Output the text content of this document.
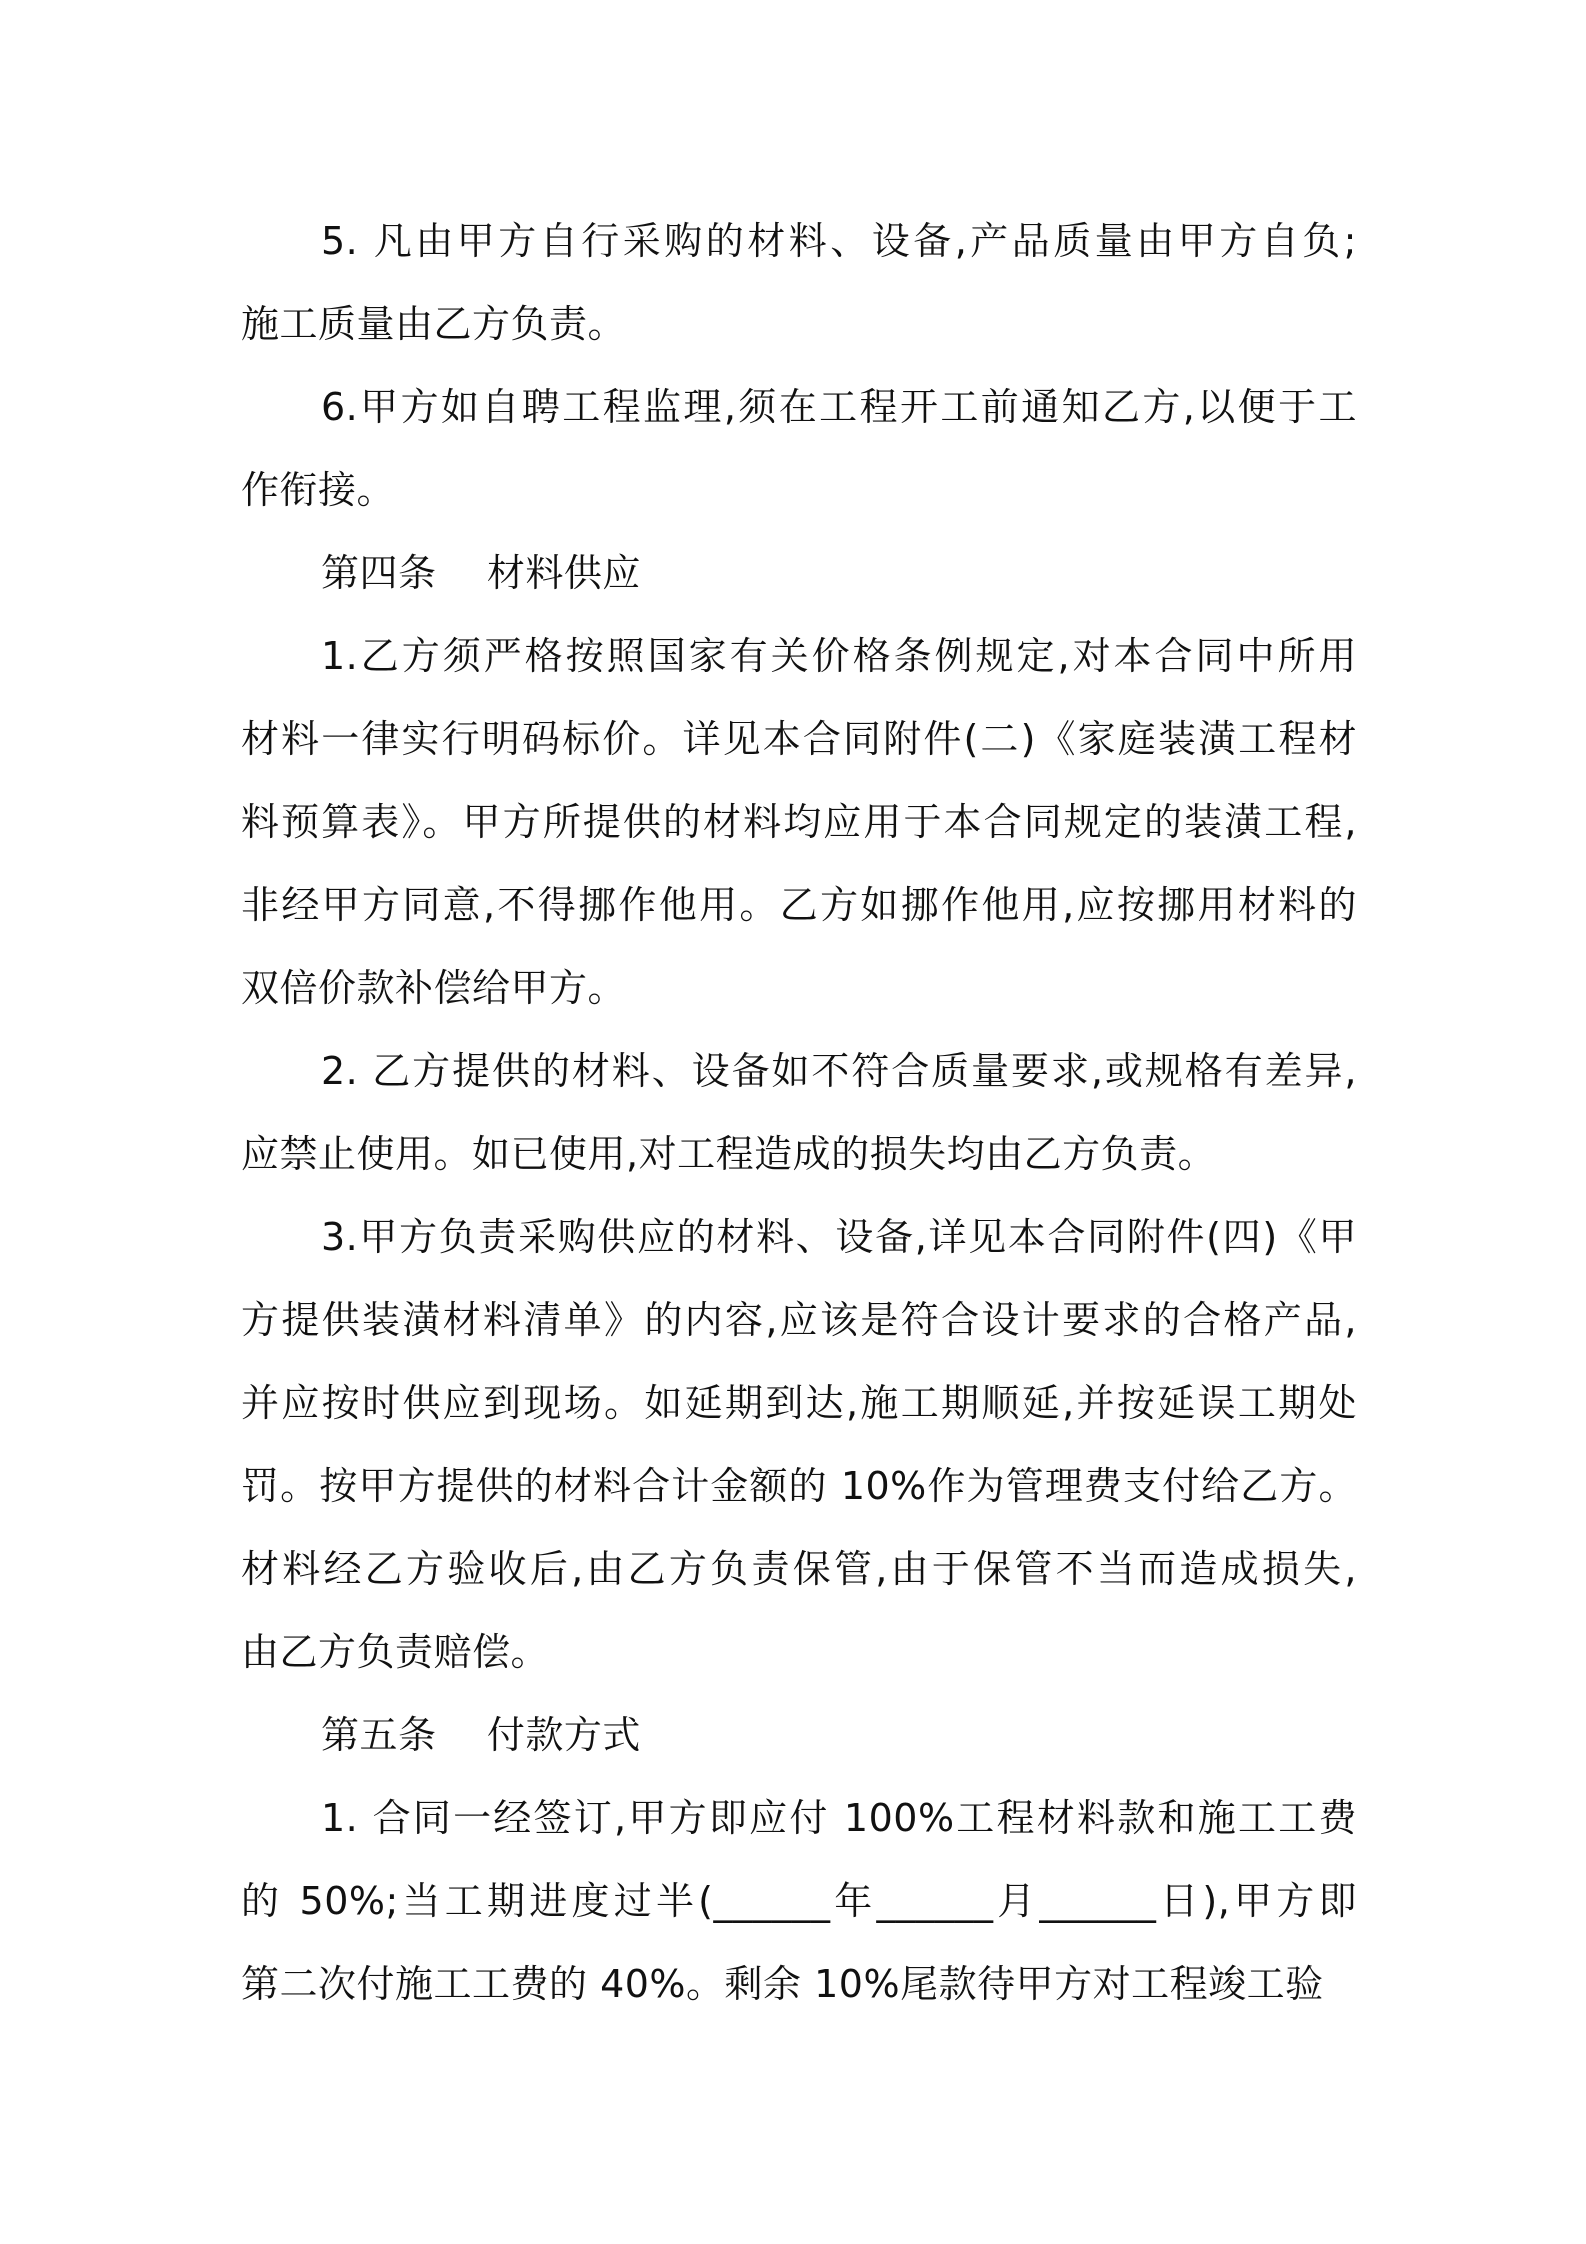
5. 凡由甲方自行采购的材料、设备,产品质量由甲方自负;
施工质量由乙方负责。

6.甲方如自聘工程监理,须在工程开工前通知乙方,以便于工
作衔接。

第四条    材料供应

1.乙方须严格按照国家有关价格条例规定,对本合同中所用
材料一律实行明码标价。详见本合同附件(二)《家庭装潢工程材
料预算表》。甲方所提供的材料均应用于本合同规定的装潢工程,
非经甲方同意,不得挪作他用。乙方如挪作他用,应按挪用材料的
双倍价款补偿给甲方。

2. 乙方提供的材料、设备如不符合质量要求,或规格有差异,
应禁止使用。如已使用,对工程造成的损失均由乙方负责。

3.甲方负责采购供应的材料、设备,详见本合同附件(四)《甲
方提供装潢材料清单》的内容,应该是符合设计要求的合格产品,
并应按时供应到现场。如延期到达,施工期顺延,并按延误工期处
罚。按甲方提供的材料合计金额的 10%作为管理费支付给乙方。
材料经乙方验收后,由乙方负责保管,由于保管不当而造成损失,
由乙方负责赔偿。

第五条    付款方式

1. 合同一经签订,甲方即应付 100%工程材料款和施工工费
的 50%;当工期进度过半(______年______月______日),甲方即
第二次付施工工费的 40%。剩余 10%尾款待甲方对工程竣工验
